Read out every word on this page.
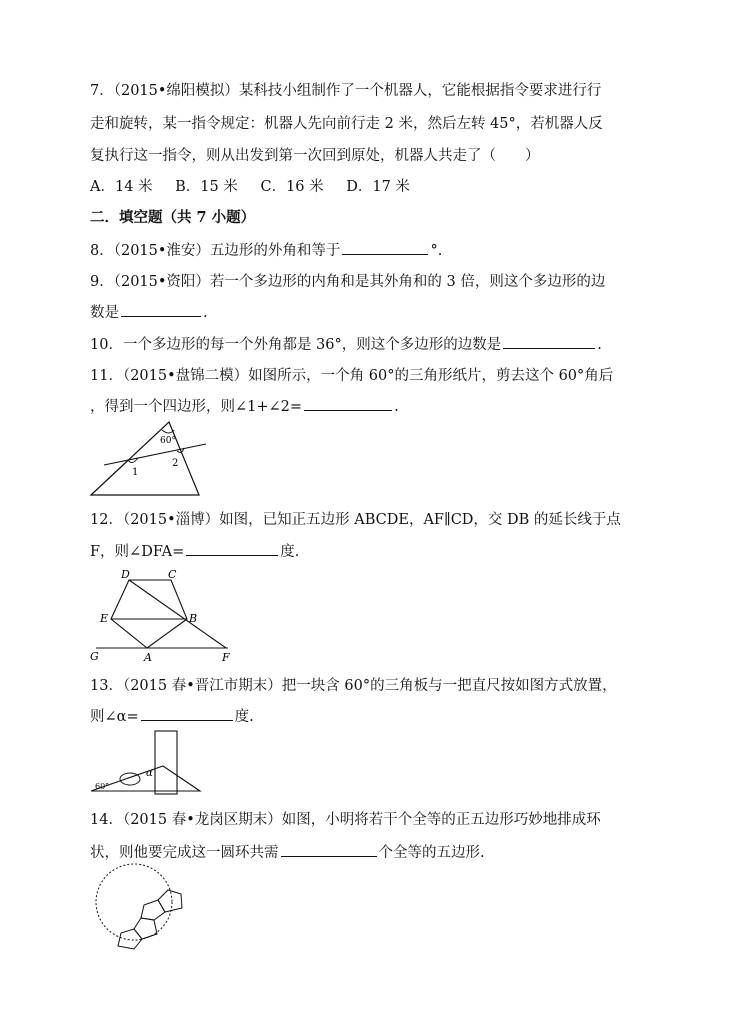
7．（2015•绵阳模拟）某科技小组制作了一个机器人，它能根据指令要求进行行
走和旋转，某一指令规定：机器人先向前行走 2 米，然后左转 45°，若机器人反
复执行这一指令，则从出发到第一次回到原处，机器人共走了（　　）
A．14 米 B．15 米 C．16 米 D．17 米
二．填空题（共 7 小题）
8．（2015•淮安）五边形的外角和等于	°.
9．（2015•资阳）若一个多边形的内角和是其外角和的 3 倍，则这个多边形的边
数是	.
10．一个多边形的每一个外角都是 36°，则这个多边形的边数是	.
11．（2015•盘锦二模）如图所示，一个角 60°的三角形纸片，剪去这个 60°角后
，得到一个四边形，则∠1+∠2=	.
60°
1
2
12．（2015•淄博）如图，已知正五边形 ABCDE，AF∥CD，交 DB 的延长线于点
F，则∠DFA=	度.
D	C
E	B
G	A	F
13．（2015 春•晋江市期末）把一块含 60°的三角板与一把直尺按如图方式放置，
则∠α=	度.
60°
α
14．（2015 春•龙岗区期末）如图，小明将若干个全等的正五边形巧妙地排成环
状，则他要完成这一圆环共需	个全等的五边形.
